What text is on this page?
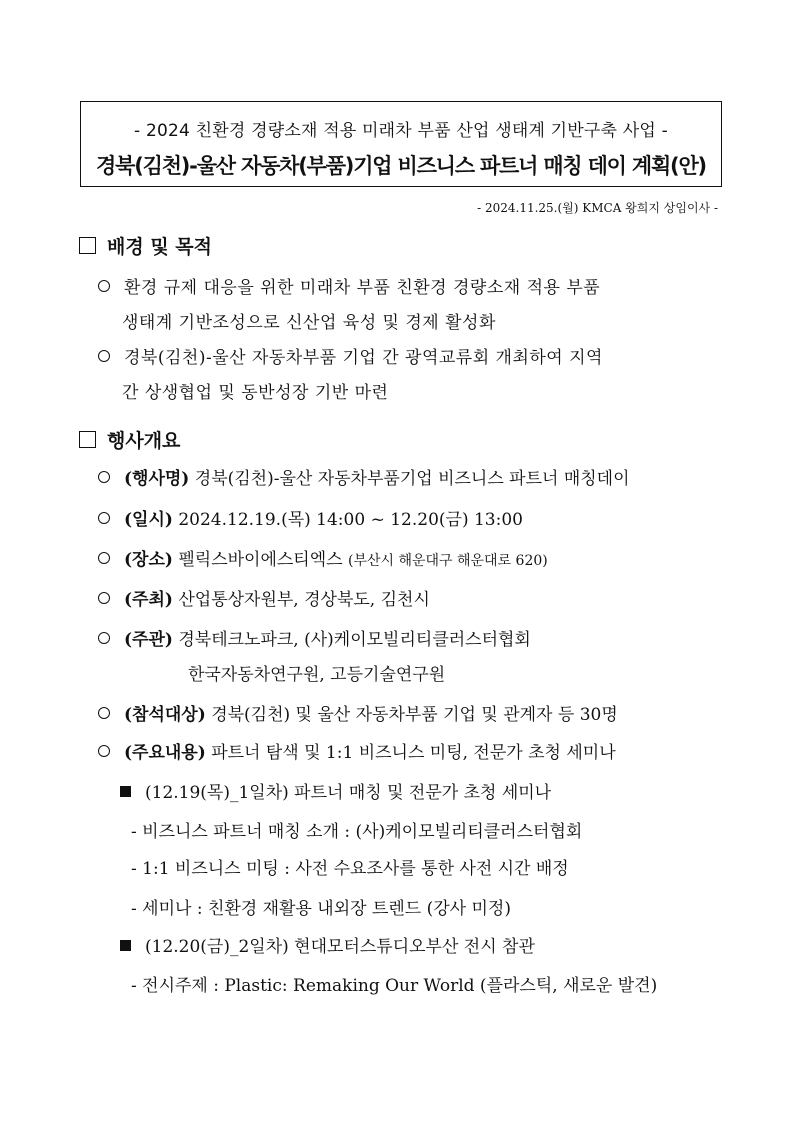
- 2024 친환경 경량소재 적용 미래차 부품 산업 생태계 기반구축 사업 -
경북(김천)-울산 자동차(부품)기업 비즈니스 파트너 매칭 데이 계획(안)
- 2024.11.25.(월) KMCA 왕희지 상임이사 -
배경 및 목적
환경 규제 대응을 위한 미래차 부품 친환경 경량소재 적용 부품
생태계 기반조성으로 신산업 육성 및 경제 활성화
경북(김천)-울산 자동차부품 기업 간 광역교류회 개최하여 지역
간 상생협업 및 동반성장 기반 마련
행사개요
(행사명) 경북(김천)-울산 자동차부품기업 비즈니스 파트너 매칭데이
(일시) 2024.12.19.(목) 14:00 ~ 12.20(금) 13:00
(장소) 펠릭스바이에스티엑스 (부산시 해운대구 해운대로 620)
(주최) 산업통상자원부, 경상북도, 김천시
(주관) 경북테크노파크, (사)케이모빌리티클러스터협회
한국자동차연구원, 고등기술연구원
(참석대상) 경북(김천) 및 울산 자동차부품 기업 및 관계자 등 30명
(주요내용) 파트너 탐색 및 1:1 비즈니스 미팅, 전문가 초청 세미나
(12.19(목)_1일차) 파트너 매칭 및 전문가 초청 세미나
- 비즈니스 파트너 매칭 소개 : (사)케이모빌리티클러스터협회
- 1:1 비즈니스 미팅 : 사전 수요조사를 통한 사전 시간 배정
- 세미나 : 친환경 재활용 내외장 트렌드 (강사 미정)
(12.20(금)_2일차) 현대모터스튜디오부산 전시 참관
- 전시주제 : Plastic: Remaking Our World (플라스틱, 새로운 발견)
